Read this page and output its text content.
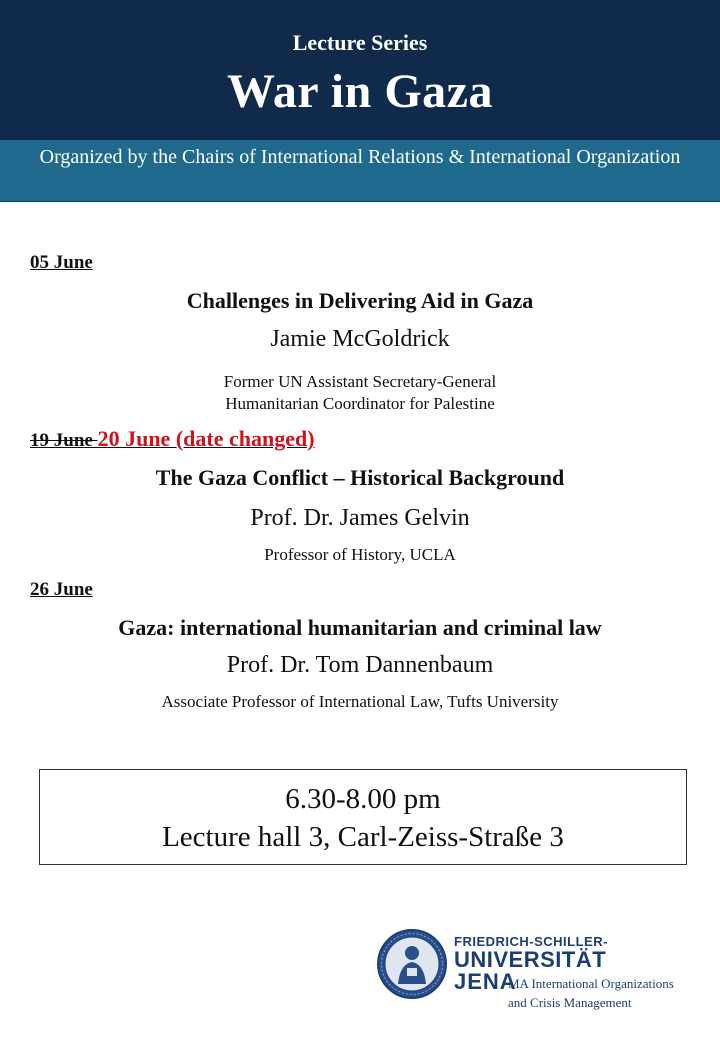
Lecture Series
War in Gaza
Organized by the Chairs of International Relations & International Organization
05 June
Challenges in Delivering Aid in Gaza
Jamie McGoldrick
Former UN Assistant Secretary-General
Humanitarian Coordinator for Palestine
19 June 20 June (date changed)
The Gaza Conflict – Historical Background
Prof. Dr. James Gelvin
Professor of History, UCLA
26 June
Gaza: international humanitarian and criminal law
Prof. Dr. Tom Dannenbaum
Associate Professor of International Law, Tufts University
6.30-8.00 pm
Lecture hall 3, Carl-Zeiss-Straße 3
FRIEDRICH-SCHILLER-
UNIVERSITÄT
JENA
MA International Organizations
and Crisis Management
